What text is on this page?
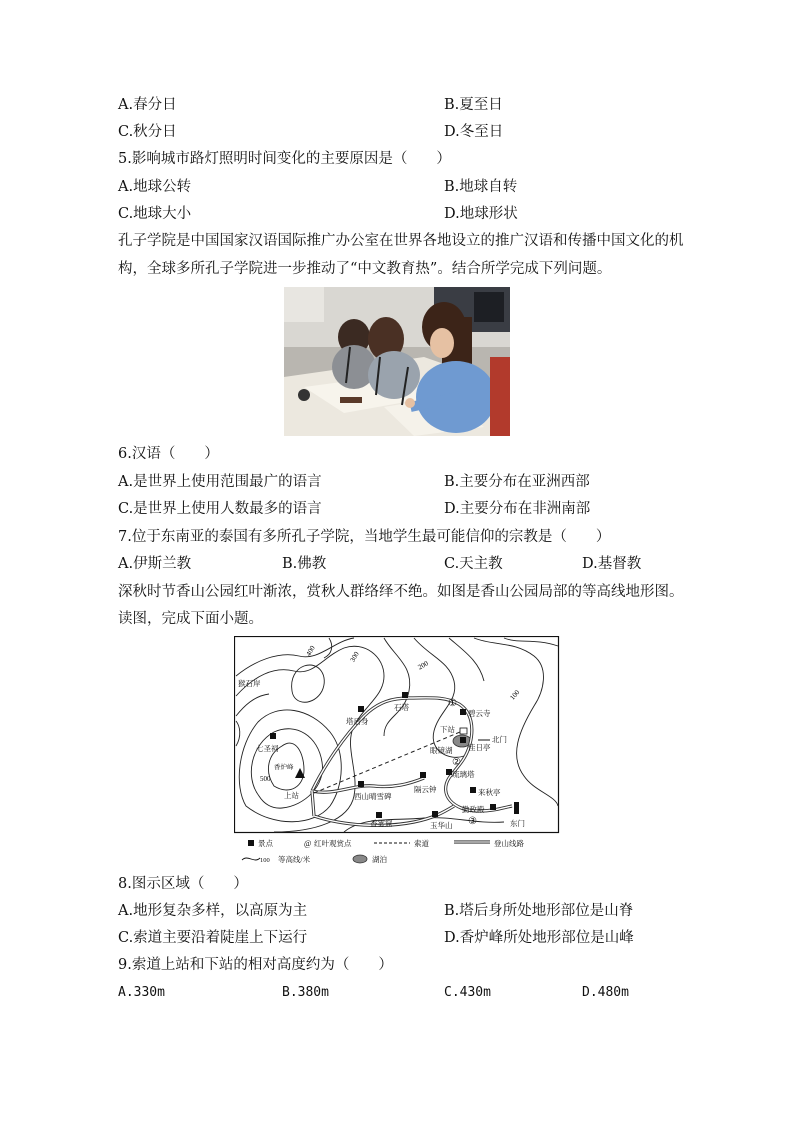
A.春分日	B.夏至日
C.秋分日	D.冬至日
5.影响城市路灯照明时间变化的主要原因是（　　）
A.地球公转	B.地球自转
C.地球大小	D.地球形状
孔子学院是中国国家汉语国际推广办公室在世界各地设立的推广汉语和传播中国文化的机
构，全球多所孔子学院进一步推动了“中文教育热”。结合所学完成下列问题。
6.汉语（　　）
A.是世界上使用范围最广的语言	B.主要分布在亚洲西部
C.是世界上使用人数最多的语言	D.主要分布在非洲南部
7.位于东南亚的泰国有多所孔子学院，当地学生最可能信仰的宗教是（　　）
A.伊斯兰教	B.佛教	C.天主教	D.基督教
深秋时节香山公园红叶渐浓，赏秋人群络绎不绝。如图是香山公园局部的等高线地形图。
读图，完成下面小题。
400	300
200
100
500
猴石岸
塔后身
石塔
碧云寺
下站
北门
佳日亭
眼镜湖
七圣祠
香炉峰
上站
琉璃塔
来秋亭
西山晴雪碑
隔云钟
勤政殿
东门
香雾窟	玉华山
①
②
③
景点	@ 红叶观赏点	索道	登山线路
100 等高线/米	湖泊
8.图示区域（　　）
A.地形复杂多样，以高原为主	B.塔后身所处地形部位是山脊
C.索道主要沿着陡崖上下运行	D.香炉峰所处地形部位是山峰
9.索道上站和下站的相对高度约为（　　）
A.330m	B.380m	C.430m	D.480m
